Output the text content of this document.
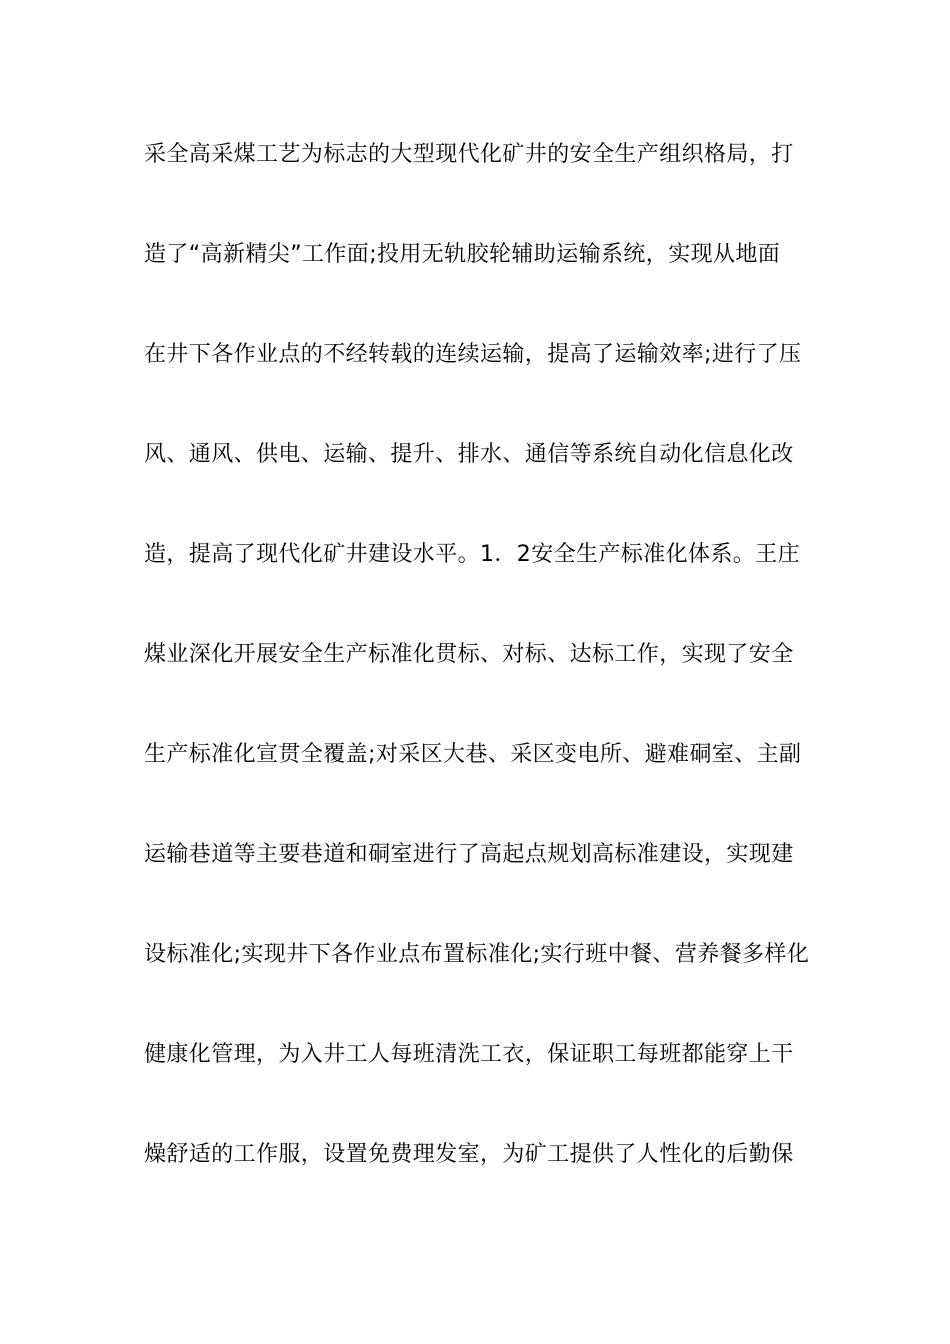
采全高采煤工艺为标志的大型现代化矿井的安全生产组织格局，打
造了“高新精尖”工作面;投用无轨胶轮辅助运输系统，实现从地面
在井下各作业点的不经转载的连续运输，提高了运输效率;进行了压
风、通风、供电、运输、提升、排水、通信等系统自动化信息化改
造，提高了现代化矿井建设水平。1．2安全生产标准化体系。王庄
煤业深化开展安全生产标准化贯标、对标、达标工作，实现了安全
生产标准化宣贯全覆盖;对采区大巷、采区变电所、避难硐室、主副
运输巷道等主要巷道和硐室进行了高起点规划高标准建设，实现建
设标准化;实现井下各作业点布置标准化;实行班中餐、营养餐多样化
健康化管理，为入井工人每班清洗工衣，保证职工每班都能穿上干
燥舒适的工作服，设置免费理发室，为矿工提供了人性化的后勤保
